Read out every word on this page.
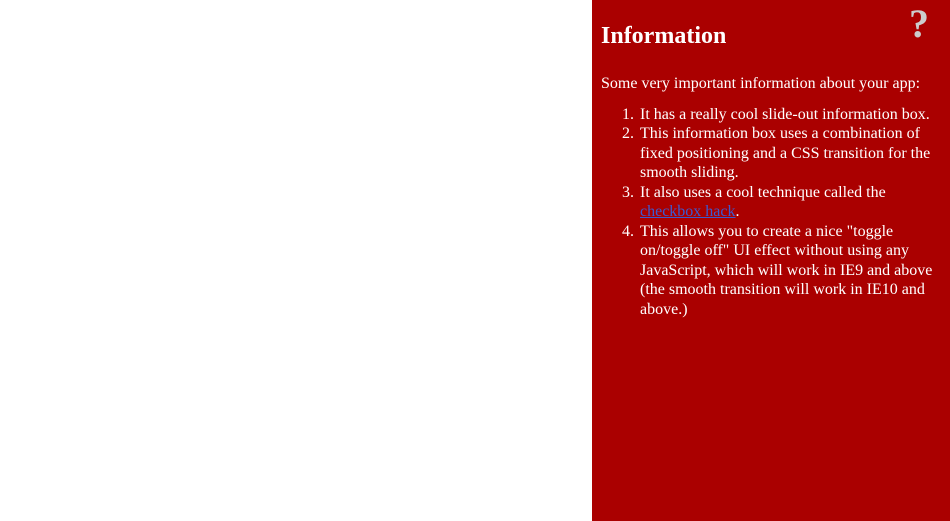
?
Information

Some very important information about your app:

1. It has a really cool slide-out information box.
2. This information box uses a combination of fixed positioning and a CSS transition for the smooth sliding.
3. It also uses a cool technique called the checkbox hack.
4. This allows you to create a nice "toggle on/toggle off" UI effect without using any JavaScript, which will work in IE9 and above (the smooth transition will work in IE10 and above.)
